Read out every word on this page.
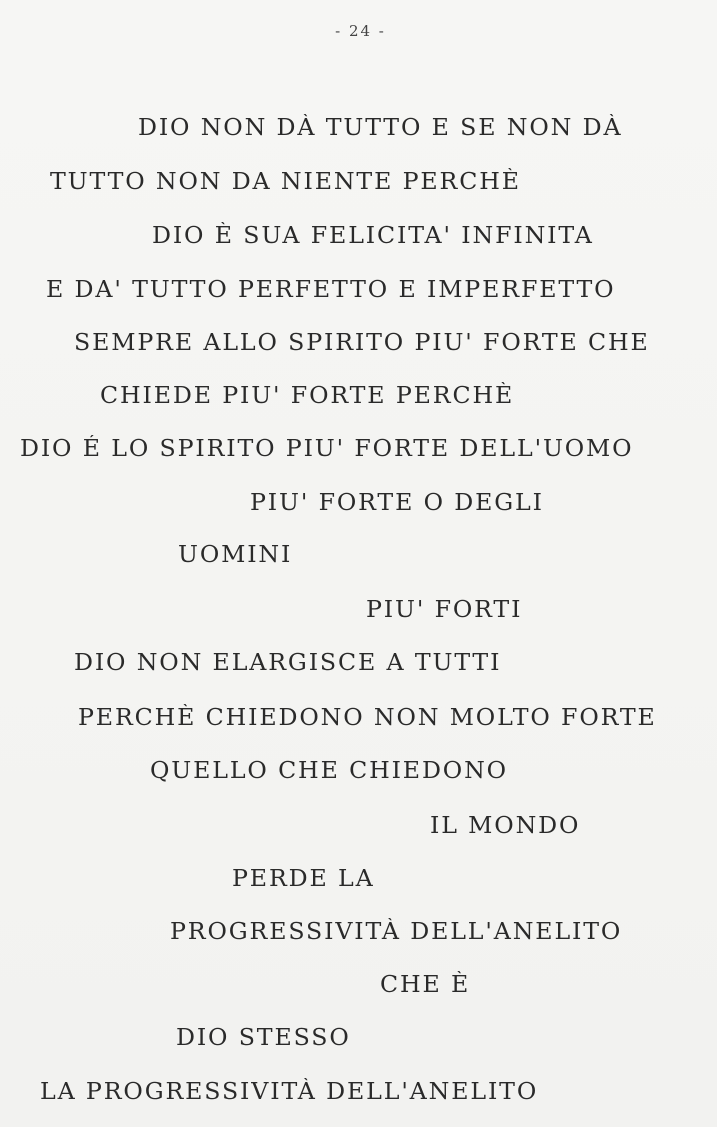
- 24 -
DIO NON DÀ TUTTO E SE NON DÀ
TUTTO NON DA NIENTE PERCHÈ
DIO È SUA FELICITA' INFINITA
E DA' TUTTO PERFETTO E IMPERFETTO
SEMPRE ALLO SPIRITO PIU' FORTE CHE
CHIEDE PIU' FORTE PERCHÈ
DIO É LO SPIRITO PIU' FORTE DELL'UOMO
PIU' FORTE O DEGLI
UOMINI
PIU' FORTI
DIO NON ELARGISCE A TUTTI
PERCHÈ CHIEDONO NON MOLTO FORTE
QUELLO CHE CHIEDONO
IL MONDO
PERDE LA
PROGRESSIVITÀ DELL'ANELITO
CHE È
DIO STESSO
LA PROGRESSIVITÀ DELL'ANELITO
